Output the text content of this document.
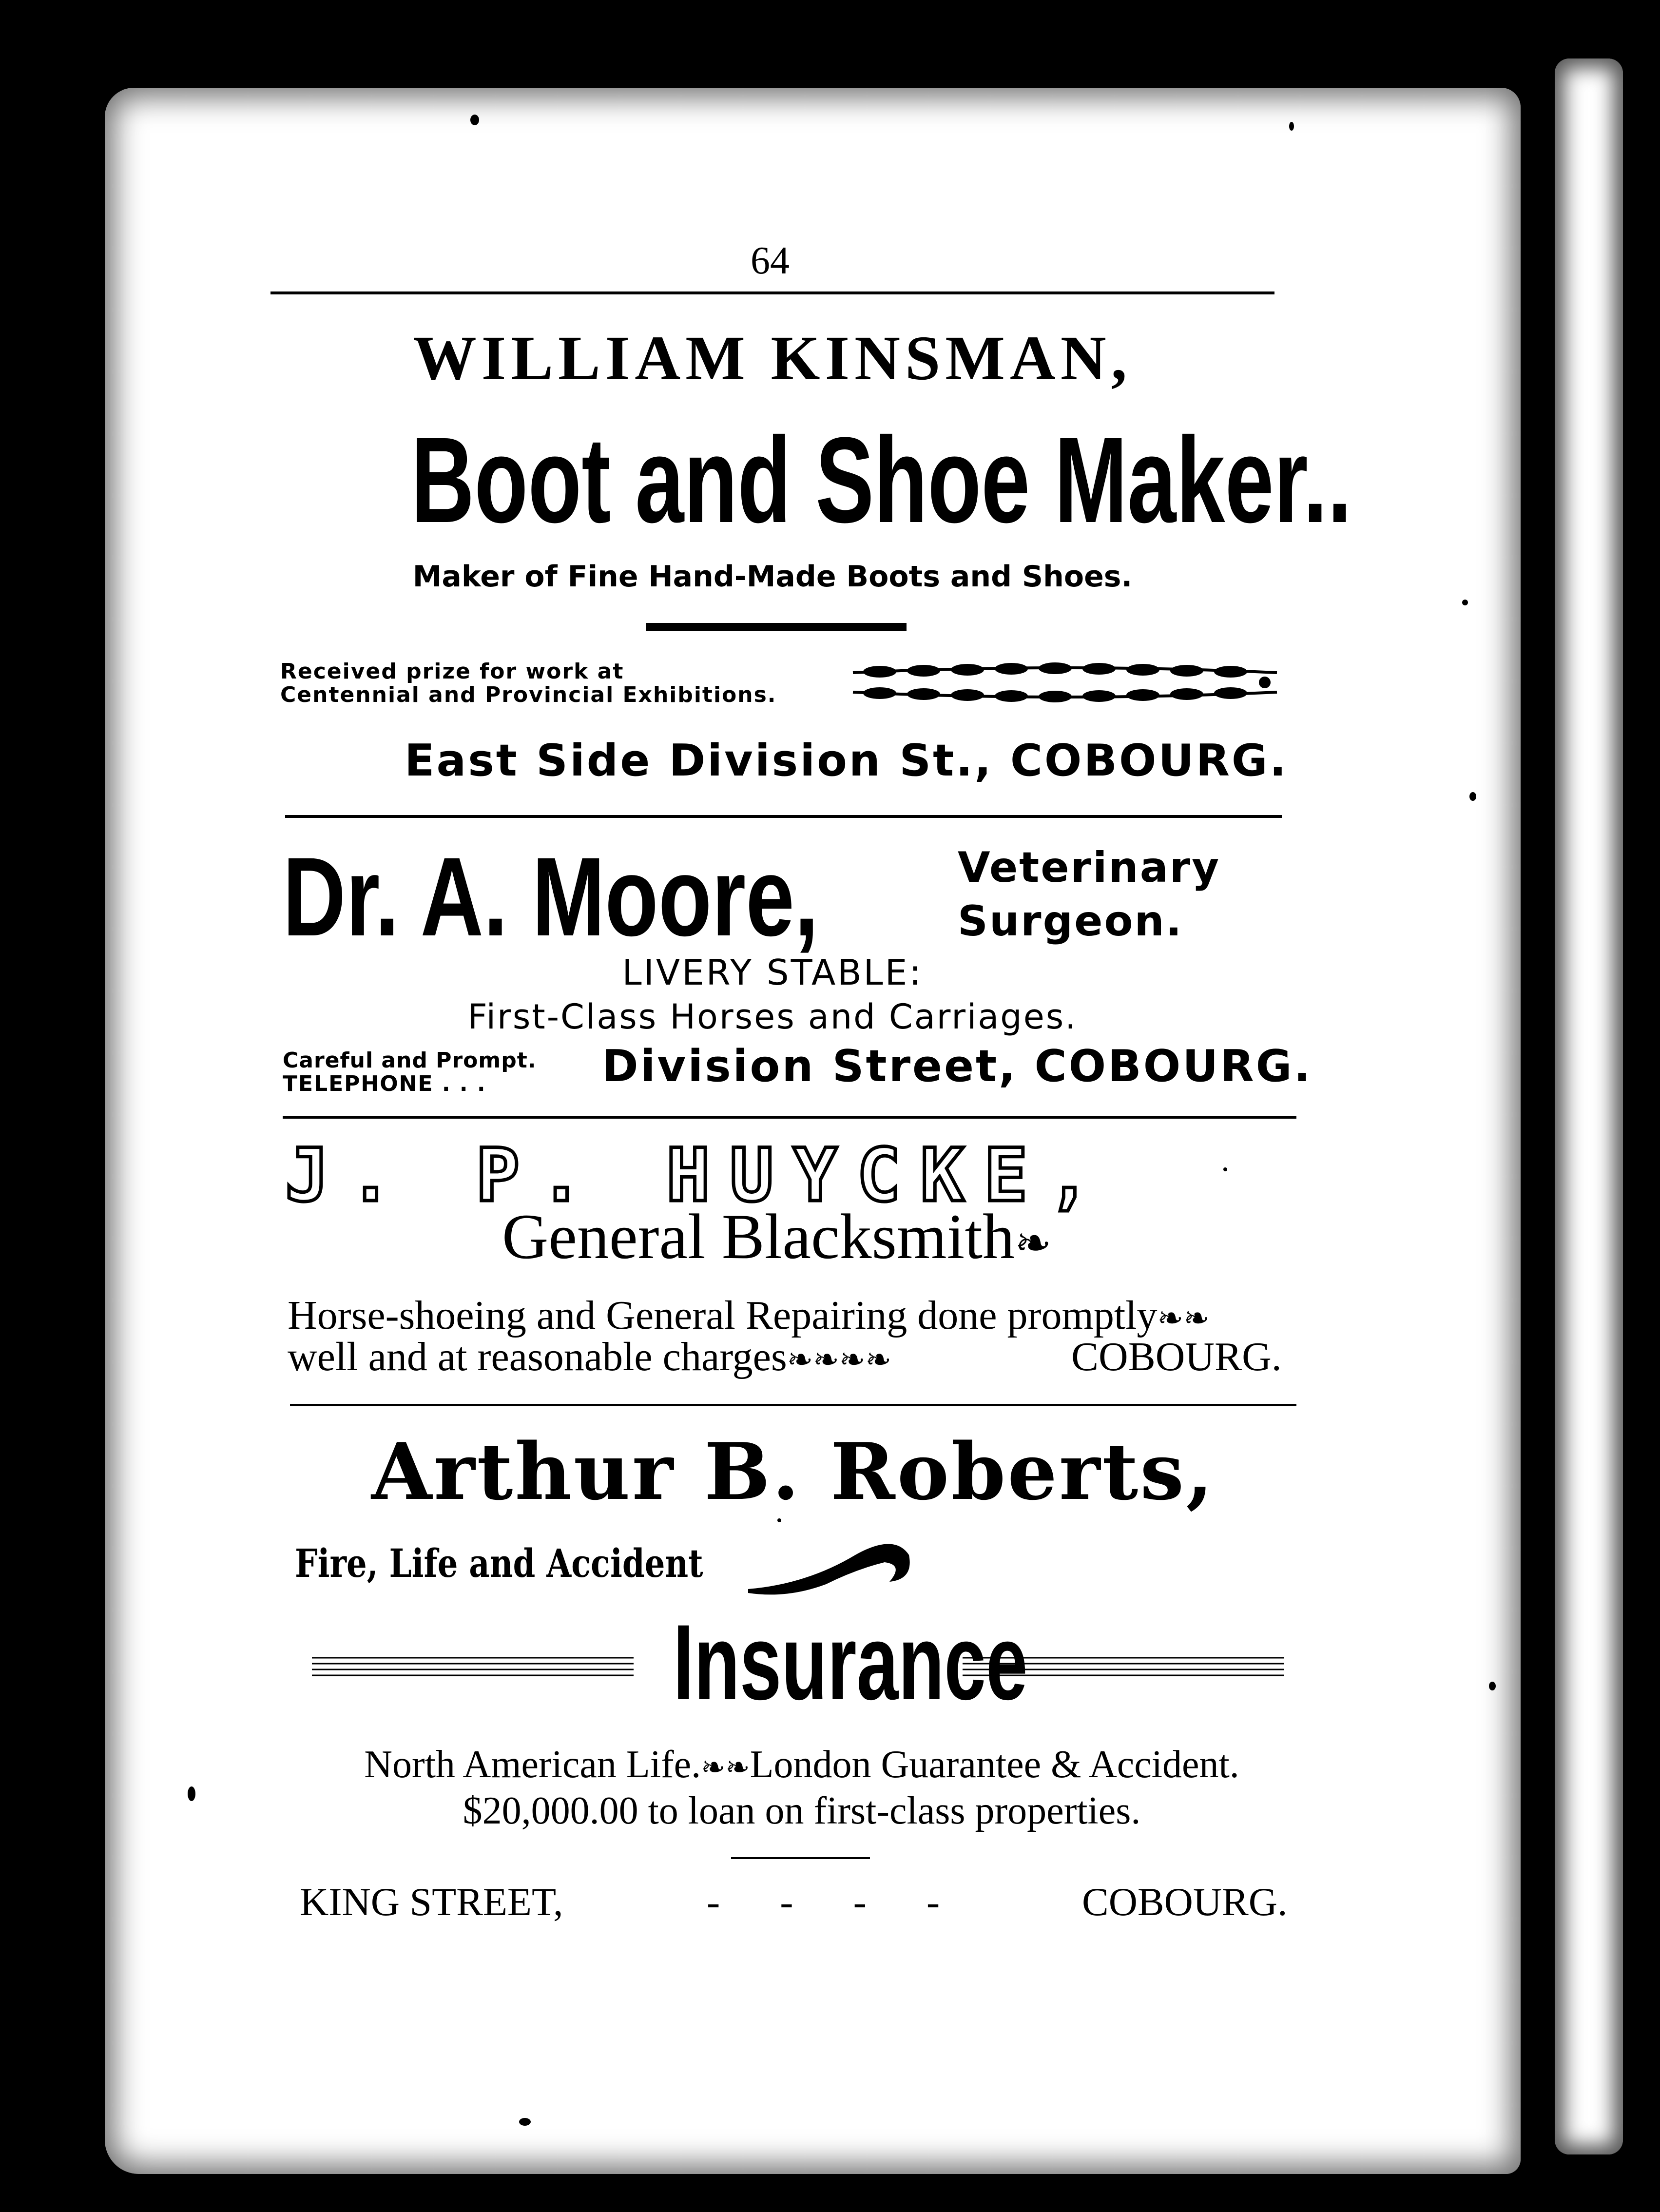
64
WILLIAM KINSMAN,
Boot and Shoe Maker..
Maker of Fine Hand-Made Boots and Shoes.
Received prize for work at
Centennial and Provincial Exhibitions.
East Side Division St., COBOURG.
Dr. A. Moore,	Veterinary
Surgeon.
LIVERY STABLE:
First-Class Horses and Carriages.
Careful and Prompt.
TELEPHONE . . .	Division Street, COBOURG.
J. P. HUYCKE,
General Blacksmith❧
Horse-shoeing and General Repairing done promptly❧❧
well and at reasonable charges❧❧❧❧	COBOURG.
Arthur B. Roberts,
Fire, Life and Accident
Insurance
North American Life.❧❧London Guarantee & Accident.
$20,000.00 to loan on first-class properties.
KING STREET,	-      -      -      -	COBOURG.
